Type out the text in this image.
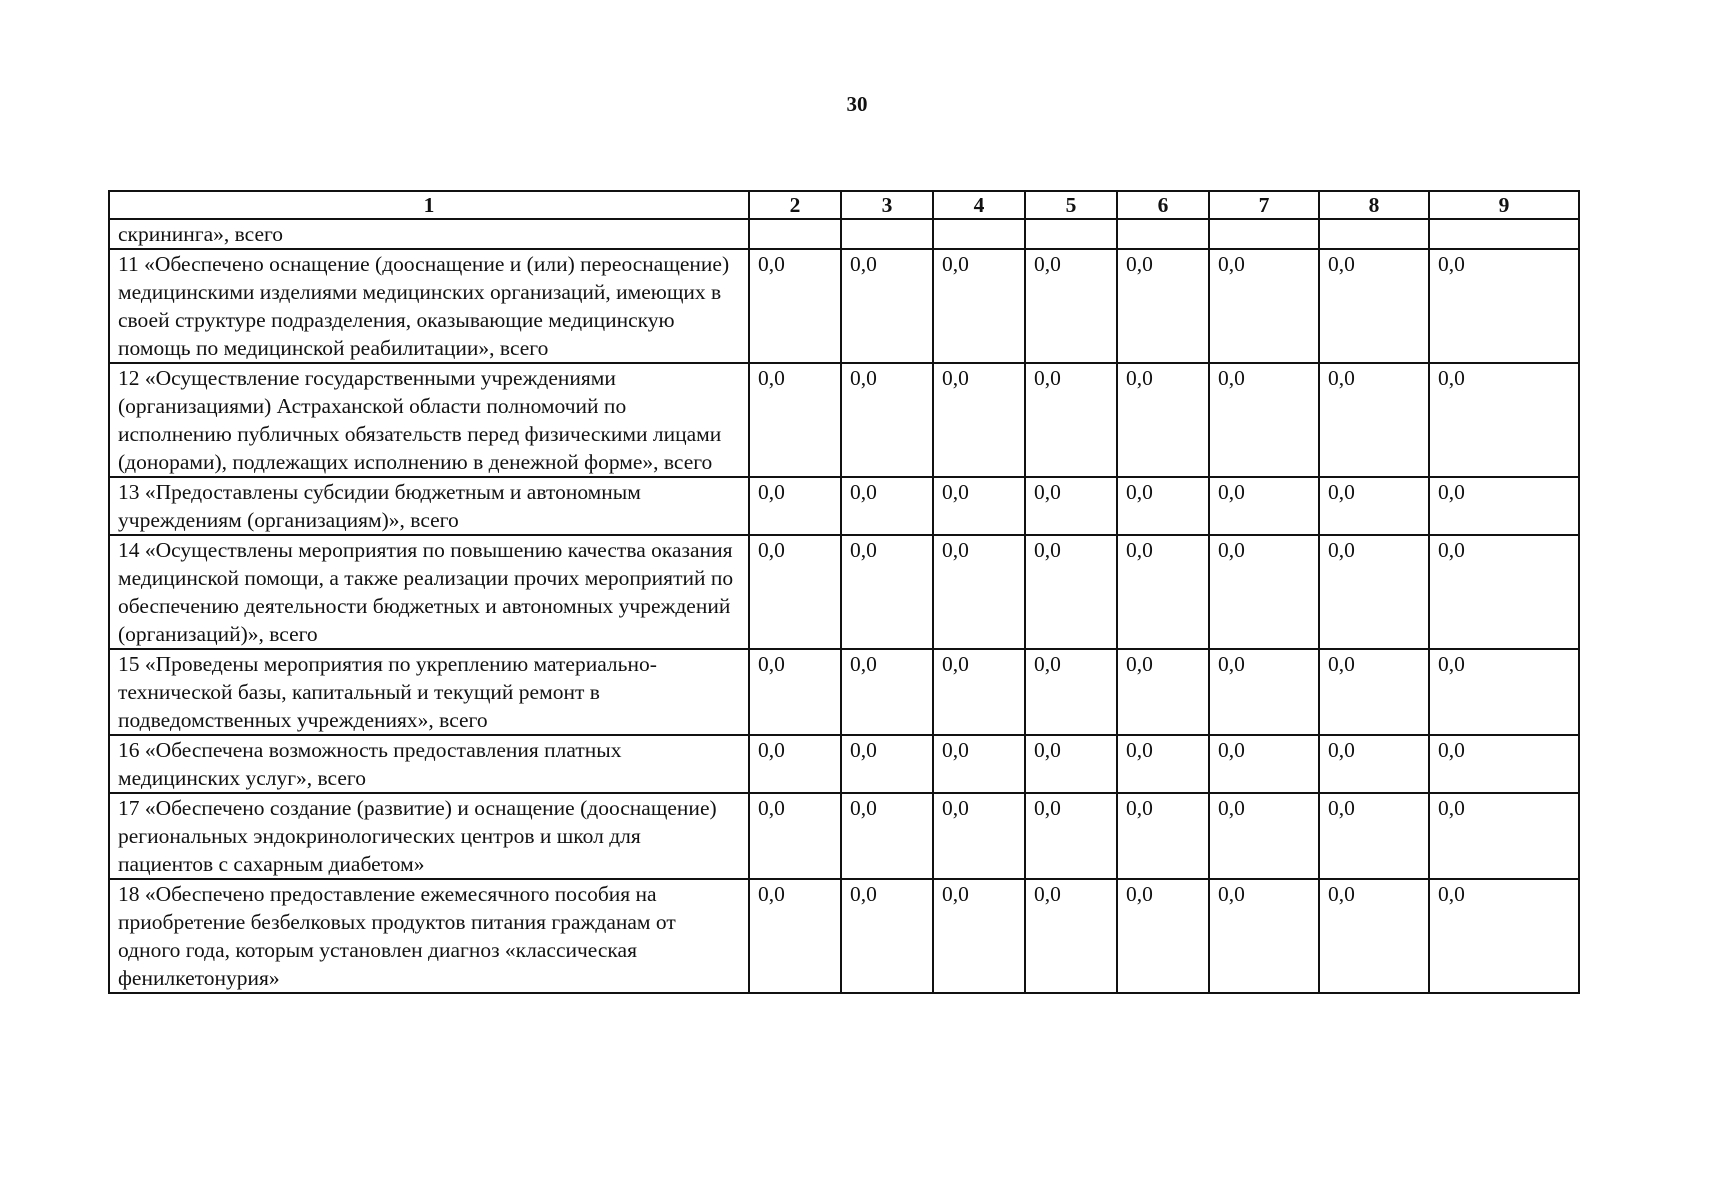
30
1	2	3	4	5	6	7	8	9
скрининга», всего								
11 «Обеспечено оснащение (дооснащение и (или) переоснащение) медицинскими изделиями медицинских организаций, имеющих в своей структуре подразделения, оказывающие медицинскую помощь по медицинской реабилитации», всего	0,0	0,0	0,0	0,0	0,0	0,0	0,0	0,0
12 «Осуществление государственными учреждениями (организациями) Астраханской области полномочий по исполнению публичных обязательств перед физическими лицами (донорами), подлежащих исполнению в денежной форме», всего	0,0	0,0	0,0	0,0	0,0	0,0	0,0	0,0
13 «Предоставлены субсидии бюджетным и автономным учреждениям (организациям)», всего	0,0	0,0	0,0	0,0	0,0	0,0	0,0	0,0
14 «Осуществлены мероприятия по повышению качества оказания медицинской помощи, а также реализации прочих мероприятий по обеспечению деятельности бюджетных и автономных учреждений (организаций)», всего	0,0	0,0	0,0	0,0	0,0	0,0	0,0	0,0
15 «Проведены мероприятия по укреплению материально-технической базы, капитальный и текущий ремонт в подведомственных учреждениях», всего	0,0	0,0	0,0	0,0	0,0	0,0	0,0	0,0
16 «Обеспечена возможность предоставления платных медицинских услуг», всего	0,0	0,0	0,0	0,0	0,0	0,0	0,0	0,0
17 «Обеспечено создание (развитие) и оснащение (дооснащение) региональных эндокринологических центров и школ для пациентов с сахарным диабетом»	0,0	0,0	0,0	0,0	0,0	0,0	0,0	0,0
18 «Обеспечено предоставление ежемесячного пособия на приобретение безбелковых продуктов питания гражданам от одного года, которым установлен диагноз «классическая фенилкетонурия»	0,0	0,0	0,0	0,0	0,0	0,0	0,0	0,0
